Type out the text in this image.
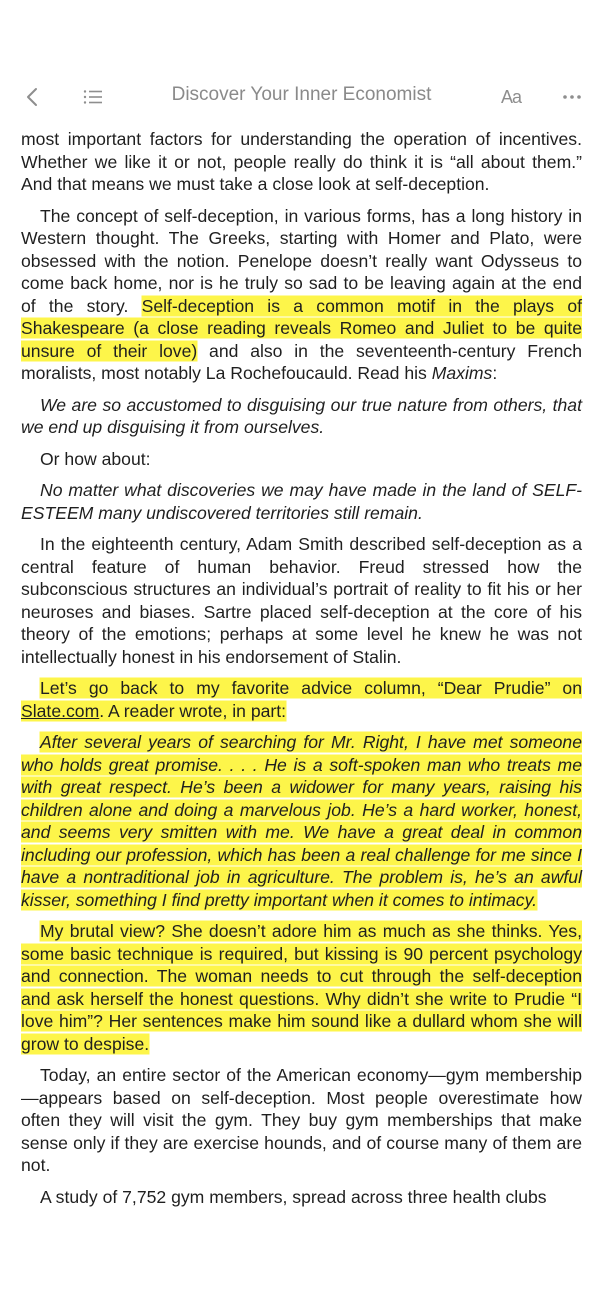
Discover Your Inner Economist	Aa

most important factors for understanding the operation of incentives. Whether we like it or not, people really do think it is “all about them.” And that means we must take a close look at self-deception.

The concept of self-deception, in various forms, has a long history in Western thought. The Greeks, starting with Homer and Plato, were obsessed with the notion. Penelope doesn’t really want Odysseus to come back home, nor is he truly so sad to be leaving again at the end of the story. Self-deception is a common motif in the plays of Shakespeare (a close reading reveals Romeo and Juliet to be quite unsure of their love) and also in the seventeenth-century French moralists, most notably La Rochefoucauld. Read his Maxims:

We are so accustomed to disguising our true nature from others, that we end up disguising it from ourselves.

Or how about:

No matter what discoveries we may have made in the land of SELF-ESTEEM many undiscovered territories still remain.

In the eighteenth century, Adam Smith described self-deception as a central feature of human behavior. Freud stressed how the subconscious structures an individual’s portrait of reality to fit his or her neuroses and biases. Sartre placed self-deception at the core of his theory of the emotions; perhaps at some level he knew he was not intellectually honest in his endorsement of Stalin.

Let’s go back to my favorite advice column, “Dear Prudie” on Slate.com. A reader wrote, in part:

After several years of searching for Mr. Right, I have met someone who holds great promise. . . . He is a soft-spoken man who treats me with great respect. He’s been a widower for many years, raising his children alone and doing a marvelous job. He’s a hard worker, honest, and seems very smitten with me. We have a great deal in common including our profession, which has been a real challenge for me since I have a nontraditional job in agriculture. The problem is, he’s an awful kisser, something I find pretty important when it comes to intimacy.

My brutal view? She doesn’t adore him as much as she thinks. Yes, some basic technique is required, but kissing is 90 percent psychology and connection. The woman needs to cut through the self-deception and ask herself the honest questions. Why didn’t she write to Prudie “I love him”? Her sentences make him sound like a dullard whom she will grow to despise.

Today, an entire sector of the American economy—gym membership—appears based on self-deception. Most people overestimate how often they will visit the gym. They buy gym memberships that make sense only if they are exercise hounds, and of course many of them are not.

A study of 7,752 gym members, spread across three health clubs
